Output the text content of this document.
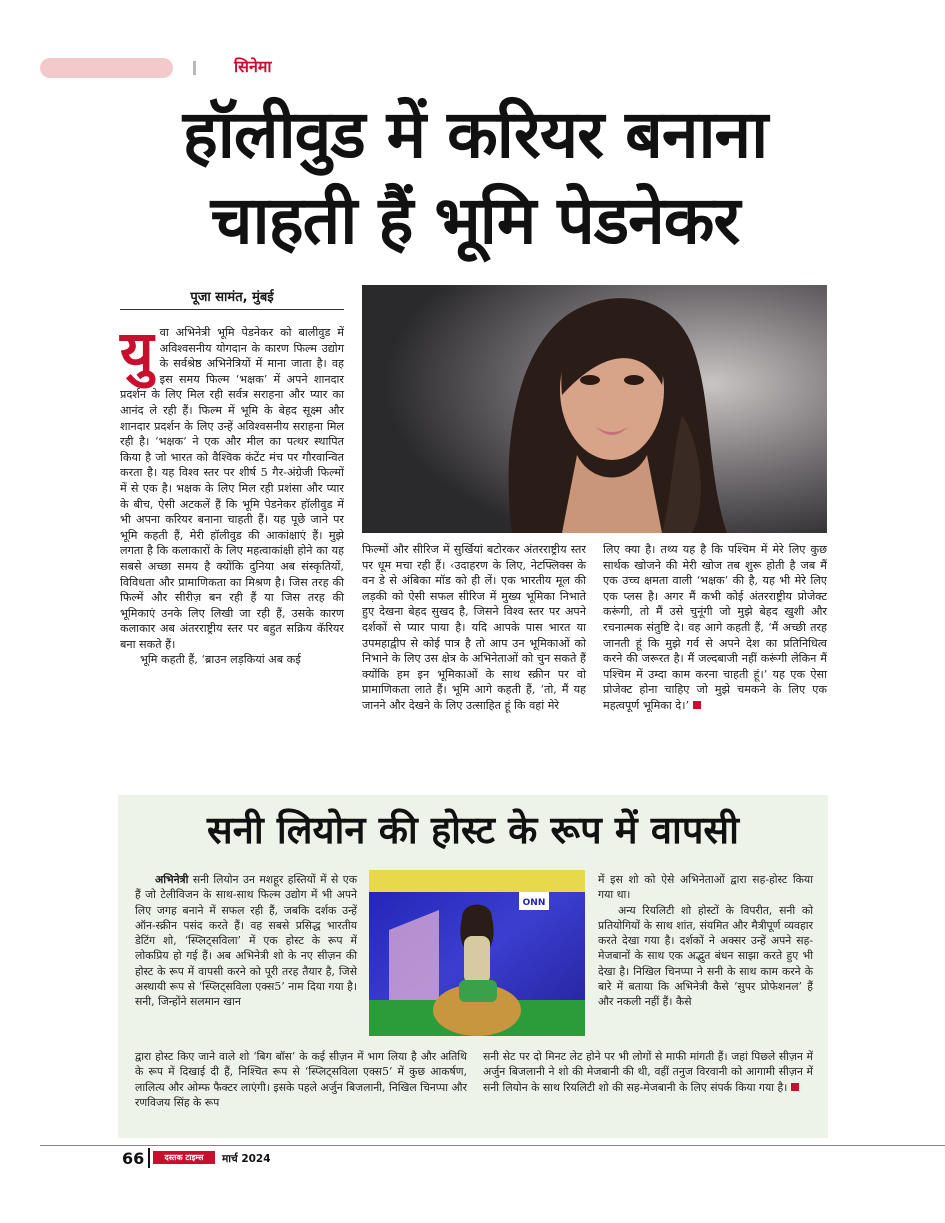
सिनेमा
हॉलीवुड में करियर बनाना
चाहती हैं भूमि पेडनेकर
पूजा सामंत, मुंबई
यु वा अभिनेत्री भूमि पेडनेकर को बालीवुड में अविश्वसनीय योगदान के कारण फिल्म उद्योग के सर्वश्रेष्ठ अभिनेत्रियों में माना जाता है। वह इस समय फिल्म ‘भक्षक’ में अपने शानदार प्रदर्शन के लिए मिल रही सर्वत्र सराहना और प्यार का आनंद ले रही हैं। फिल्म में भूमि के बेहद सूक्ष्म और शानदार प्रदर्शन के लिए उन्हें अविश्वसनीय सराहना मिल रही है। ‘भक्षक’ ने एक और मील का पत्थर स्थापित किया है जो भारत को वैश्विक कंटेंट मंच पर गौरवान्वित करता है। यह विश्व स्तर पर शीर्ष 5 गैर-अंग्रेजी फिल्मों में से एक है। भक्षक के लिए मिल रही प्रशंसा और प्यार के बीच, ऐसी अटकलें हैं कि भूमि पेडनेकर हॉलीवुड में भी अपना करियर बनाना चाहती हैं। यह पूछे जाने पर भूमि कहती हैं, मेरी हॉलीवुड की आकांक्षाएं हैं। मुझे लगता है कि कलाकारों के लिए महत्वाकांक्षी होने का यह सबसे अच्छा समय है क्योंकि दुनिया अब संस्कृतियों, विविधता और प्रामाणिकता का मिश्रण है। जिस तरह की फिल्में और सीरीज़ बन रही हैं या जिस तरह की भूमिकाएं उनके लिए लिखी जा रही हैं, उसके कारण कलाकार अब अंतरराष्ट्रीय स्तर पर बहुत सक्रिय कॅरियर बना सकते हैं।

भूमि कहती हैं, ‘ब्राउन लड़कियां अब कई

फिल्मों और सीरिज में सुर्खियां बटोरकर अंतरराष्ट्रीय स्तर पर धूम मचा रही हैं। ‹उदाहरण के लिए, नेटफ्लिक्स के वन डे से अंबिका मॉड को ही लें। एक भारतीय मूल की लड़की को ऐसी सफल सीरिज में मुख्य भूमिका निभाते हुए देखना बेहद सुखद है, जिसने विश्व स्तर पर अपने दर्शकों से प्यार पाया है। यदि आपके पास भारत या उपमहाद्वीप से कोई पात्र है तो आप उन भूमिकाओं को निभाने के लिए उस क्षेत्र के अभिनेताओं को चुन सकते हैं क्योंकि हम इन भूमिकाओं के साथ स्क्रीन पर वो प्रामाणिकता लाते हैं। भूमि आगे कहती हैं, ‘तो, मैं यह जानने और देखने के लिए उत्साहित हूं कि वहां मेरे

लिए क्या है। तथ्य यह है कि पश्चिम में मेरे लिए कुछ सार्थक खोजने की मेरी खोज तब शुरू होती है जब मैं एक उच्च क्षमता वाली ‘भक्षक’ की है, यह भी मेरे लिए एक प्लस है। अगर मैं कभी कोई अंतरराष्ट्रीय प्रोजेक्ट करूंगी, तो मैं उसे चुनूंगी जो मुझे बेहद खुशी और रचनात्मक संतुष्टि दे। वह आगे कहती हैं, ‘मैं अच्छी तरह जानती हूं कि मुझे गर्व से अपने देश का प्रतिनिधित्व करने की जरूरत है। मैं जल्दबाजी नहीं करूंगी लेकिन मैं पश्चिम में उम्दा काम करना चाहती हूं।’ यह एक ऐसा प्रोजेक्ट होना चाहिए जो मुझे चमकने के लिए एक महत्वपूर्ण भूमिका दे।’

सनी लियोन की होस्ट के रूप में वापसी

अभिनेत्री सनी लियोन उन मशहूर हस्तियों में से एक हैं जो टेलीविजन के साथ-साथ फिल्म उद्योग में भी अपने लिए जगह बनाने में सफल रही हैं, जबकि दर्शक उन्हें ऑन-स्क्रीन पसंद करते हैं। वह सबसे प्रसिद्ध भारतीय डेटिंग शो, ‘स्प्लिट्सविला’ में एक होस्ट के रूप में लोकप्रिय हो गई हैं। अब अभिनेत्री शो के नए सीज़न की होस्ट के रूप में वापसी करने को पूरी तरह तैयार है, जिसे अस्थायी रूप से ‘स्प्लिट्सविला एक्स5’ नाम दिया गया है। सनी, जिन्होंने सलमान खान

ONN

में इस शो को ऐसे अभिनेताओं द्वारा सह-होस्ट किया गया था।

अन्य रियलिटी शो होस्टों के विपरीत, सनी को प्रतियोगियों के साथ शांत, संयमित और मैत्रीपूर्ण व्यवहार करते देखा गया है। दर्शकों ने अक्सर उन्हें अपने सह-मेजबानों के साथ एक अद्भुत बंधन साझा करते हुए भी देखा है। निखिल चिनप्पा ने सनी के साथ काम करने के बारे में बताया कि अभिनेत्री कैसे ‘सुपर प्रोफेशनल’ हैं और नकली नहीं हैं। कैसे

द्वारा होस्ट किए जाने वाले शो ‘बिग बॉस’ के कई सीज़न में भाग लिया है और अतिथि के रूप में दिखाई दी हैं, निश्चित रूप से ‘स्प्लिट्सविला एक्स5’ में कुछ आकर्षण, लालित्य और ओम्फ फैक्टर लाएंगी। इसके पहले अर्जुन बिजलानी, निखिल चिनप्पा और रणविजय सिंह के रूप

सनी सेट पर दो मिनट लेट होने पर भी लोगों से माफी मांगती हैं। जहां पिछले सीज़न में अर्जुन बिजलानी ने शो की मेजबानी की थी, वहीं तनुज विरवानी को आगामी सीज़न में सनी लियोन के साथ रियलिटी शो की सह-मेजबानी के लिए संपर्क किया गया है।

66	दस्तक टाइम्स	मार्च 2024
